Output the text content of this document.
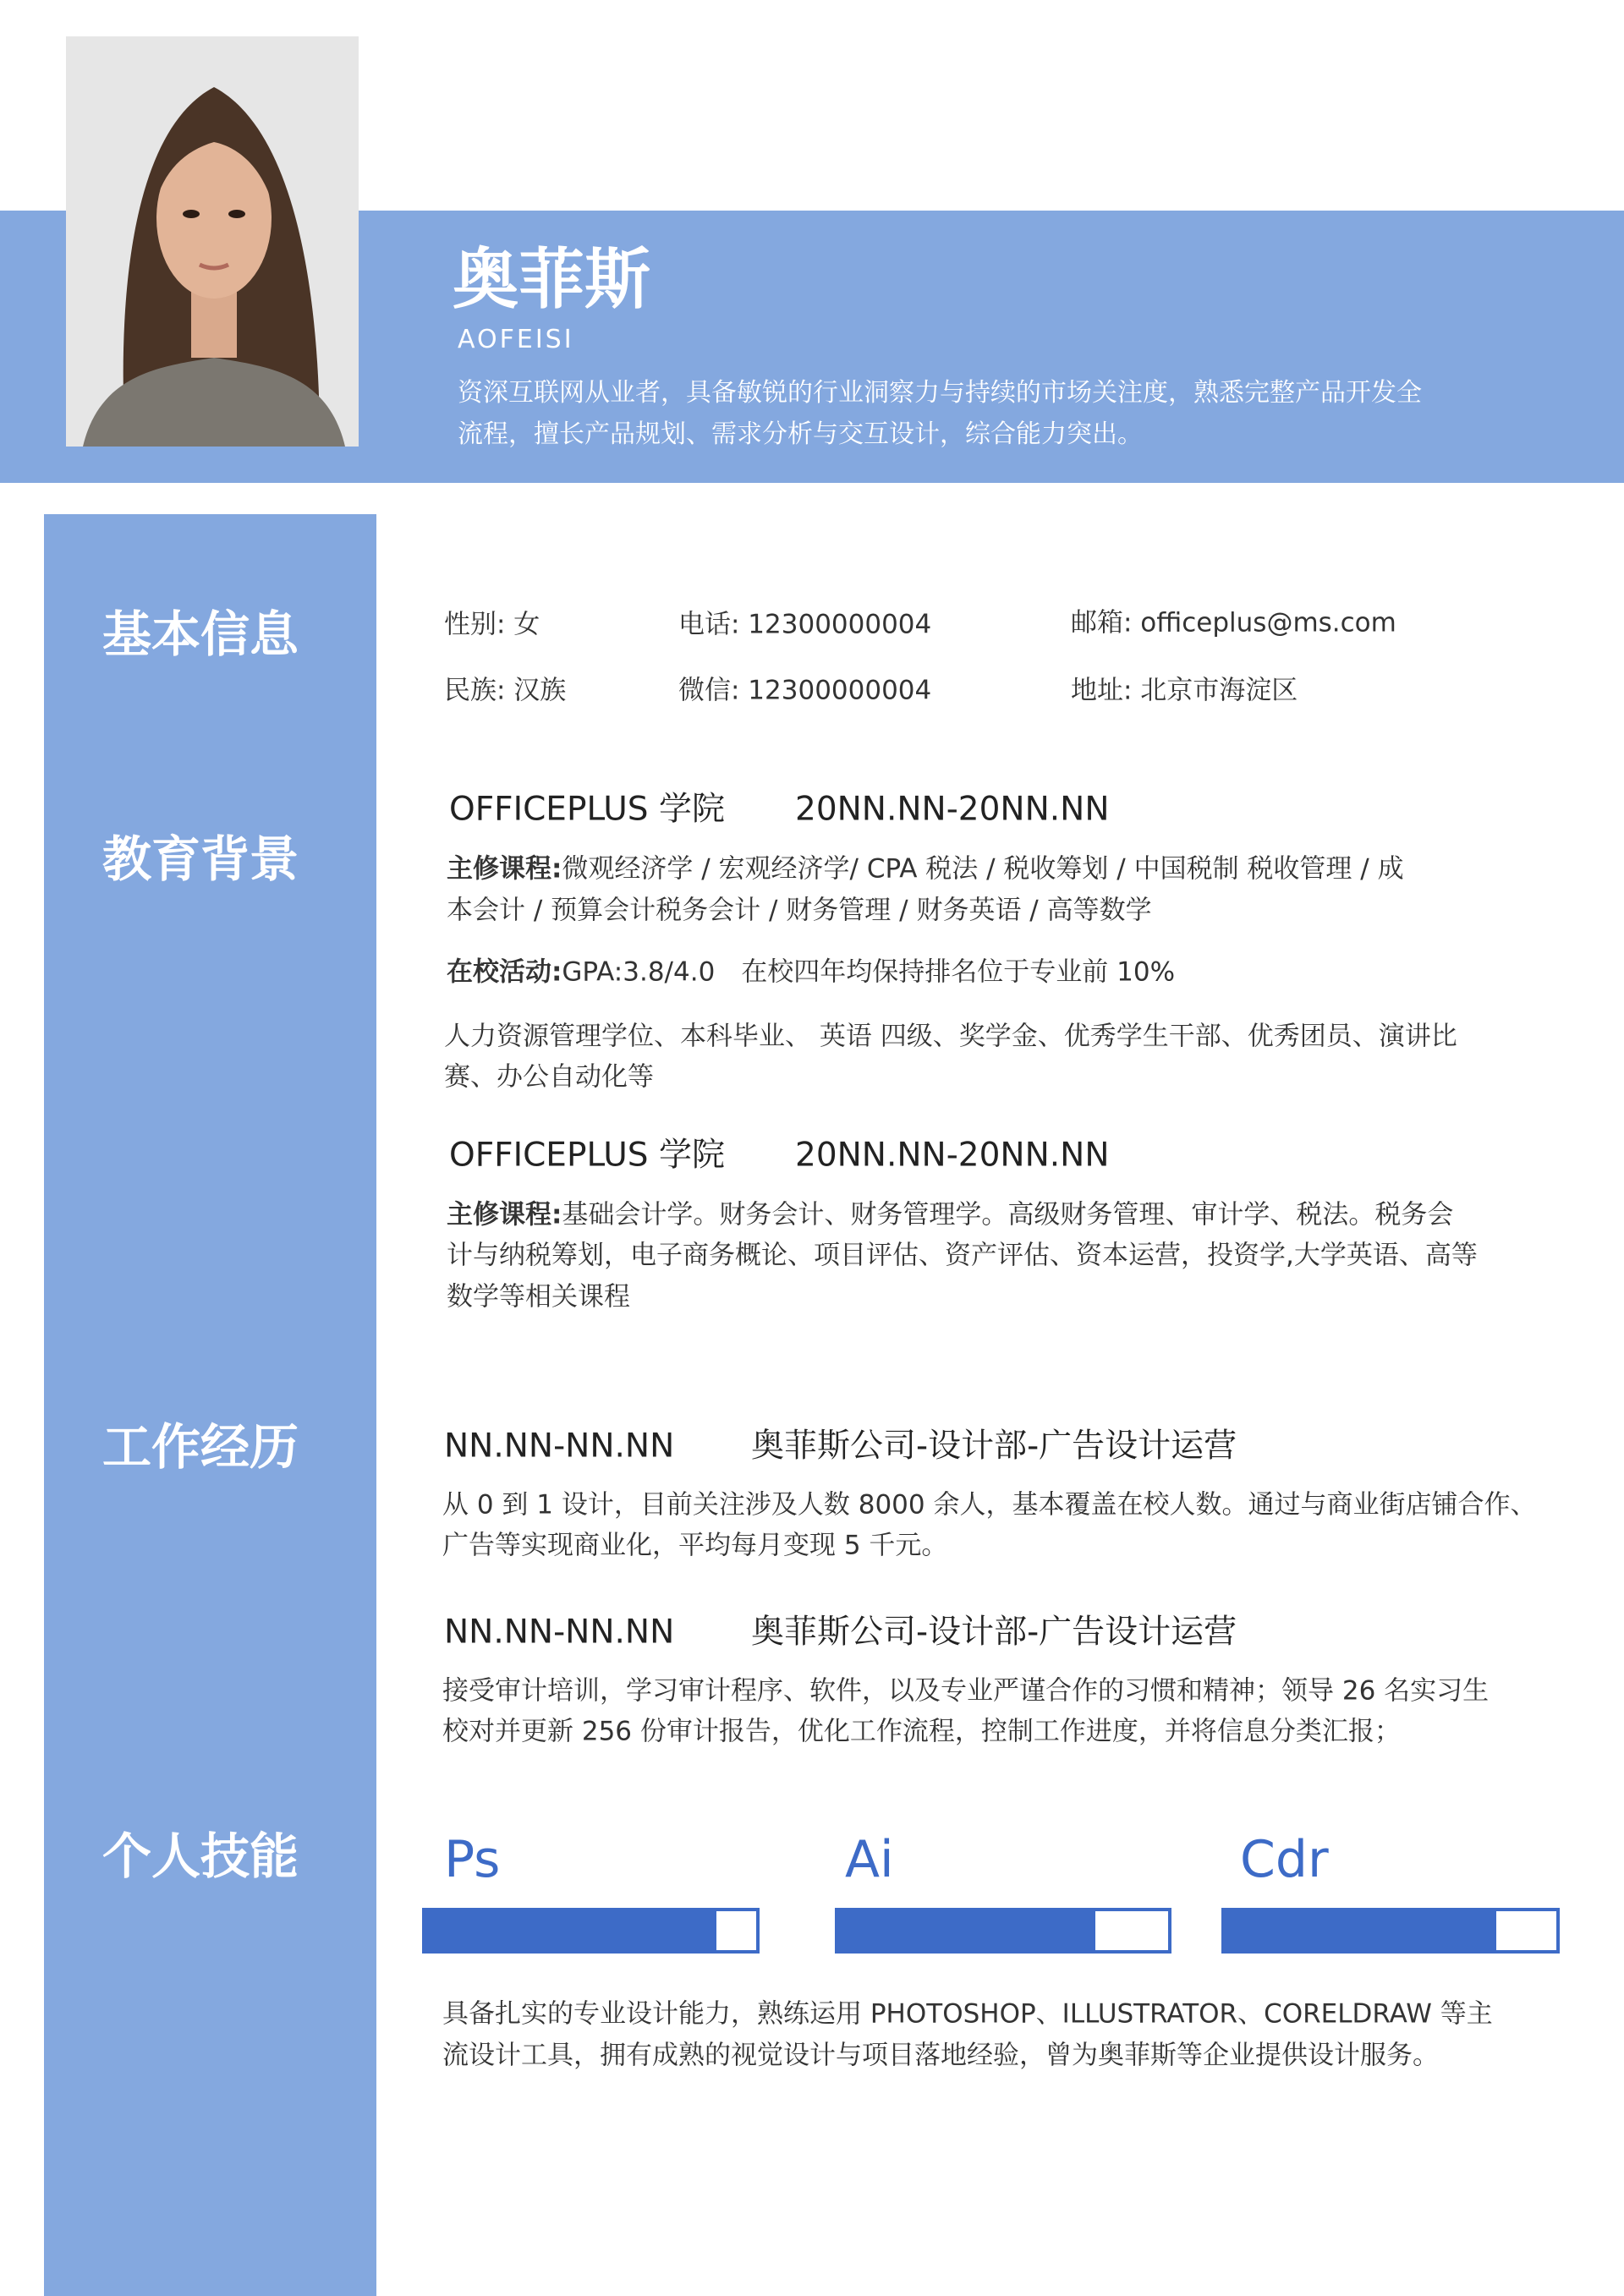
奥菲斯
AOFEISI
资深互联网从业者，具备敏锐的行业洞察力与持续的市场关注度，熟悉完整产品开发全
流程，擅长产品规划、需求分析与交互设计，综合能力突出。
基本信息
教育背景
工作经历
个人技能
性别: 女	电话: 12300000004	邮箱: officeplus@ms.com
民族: 汉族	微信: 12300000004	地址: 北京市海淀区
OFFICEPLUS 学院 20NN.NN-20NN.NN
主修课程:微观经济学 / 宏观经济学/ CPA 税法 / 税收筹划 / 中国税制 税收管理 / 成
本会计 / 预算会计税务会计 / 财务管理 / 财务英语 / 高等数学
在校活动:GPA:3.8/4.0　在校四年均保持排名位于专业前 10%
人力资源管理学位、本科毕业、 英语 四级、奖学金、优秀学生干部、优秀团员、演讲比
赛、办公自动化等
OFFICEPLUS 学院 20NN.NN-20NN.NN
主修课程:基础会计学。财务会计、财务管理学。高级财务管理、审计学、税法。税务会
计与纳税筹划，电子商务概论、项目评估、资产评估、资本运营，投资学,大学英语、高等
数学等相关课程
NN.NN-NN.NN 奥菲斯公司-设计部-广告设计运营
从 0 到 1 设计，目前关注涉及人数 8000 余人，基本覆盖在校人数。通过与商业街店铺合作、
广告等实现商业化，平均每月变现 5 千元。
NN.NN-NN.NN 奥菲斯公司-设计部-广告设计运营
接受审计培训，学习审计程序、软件，以及专业严谨合作的习惯和精神；领导 26 名实习生
校对并更新 256 份审计报告，优化工作流程，控制工作进度，并将信息分类汇报；
Ps	Ai	Cdr
具备扎实的专业设计能力，熟练运用 PHOTOSHOP、ILLUSTRATOR、CORELDRAW 等主
流设计工具，拥有成熟的视觉设计与项目落地经验，曾为奥菲斯等企业提供设计服务。
